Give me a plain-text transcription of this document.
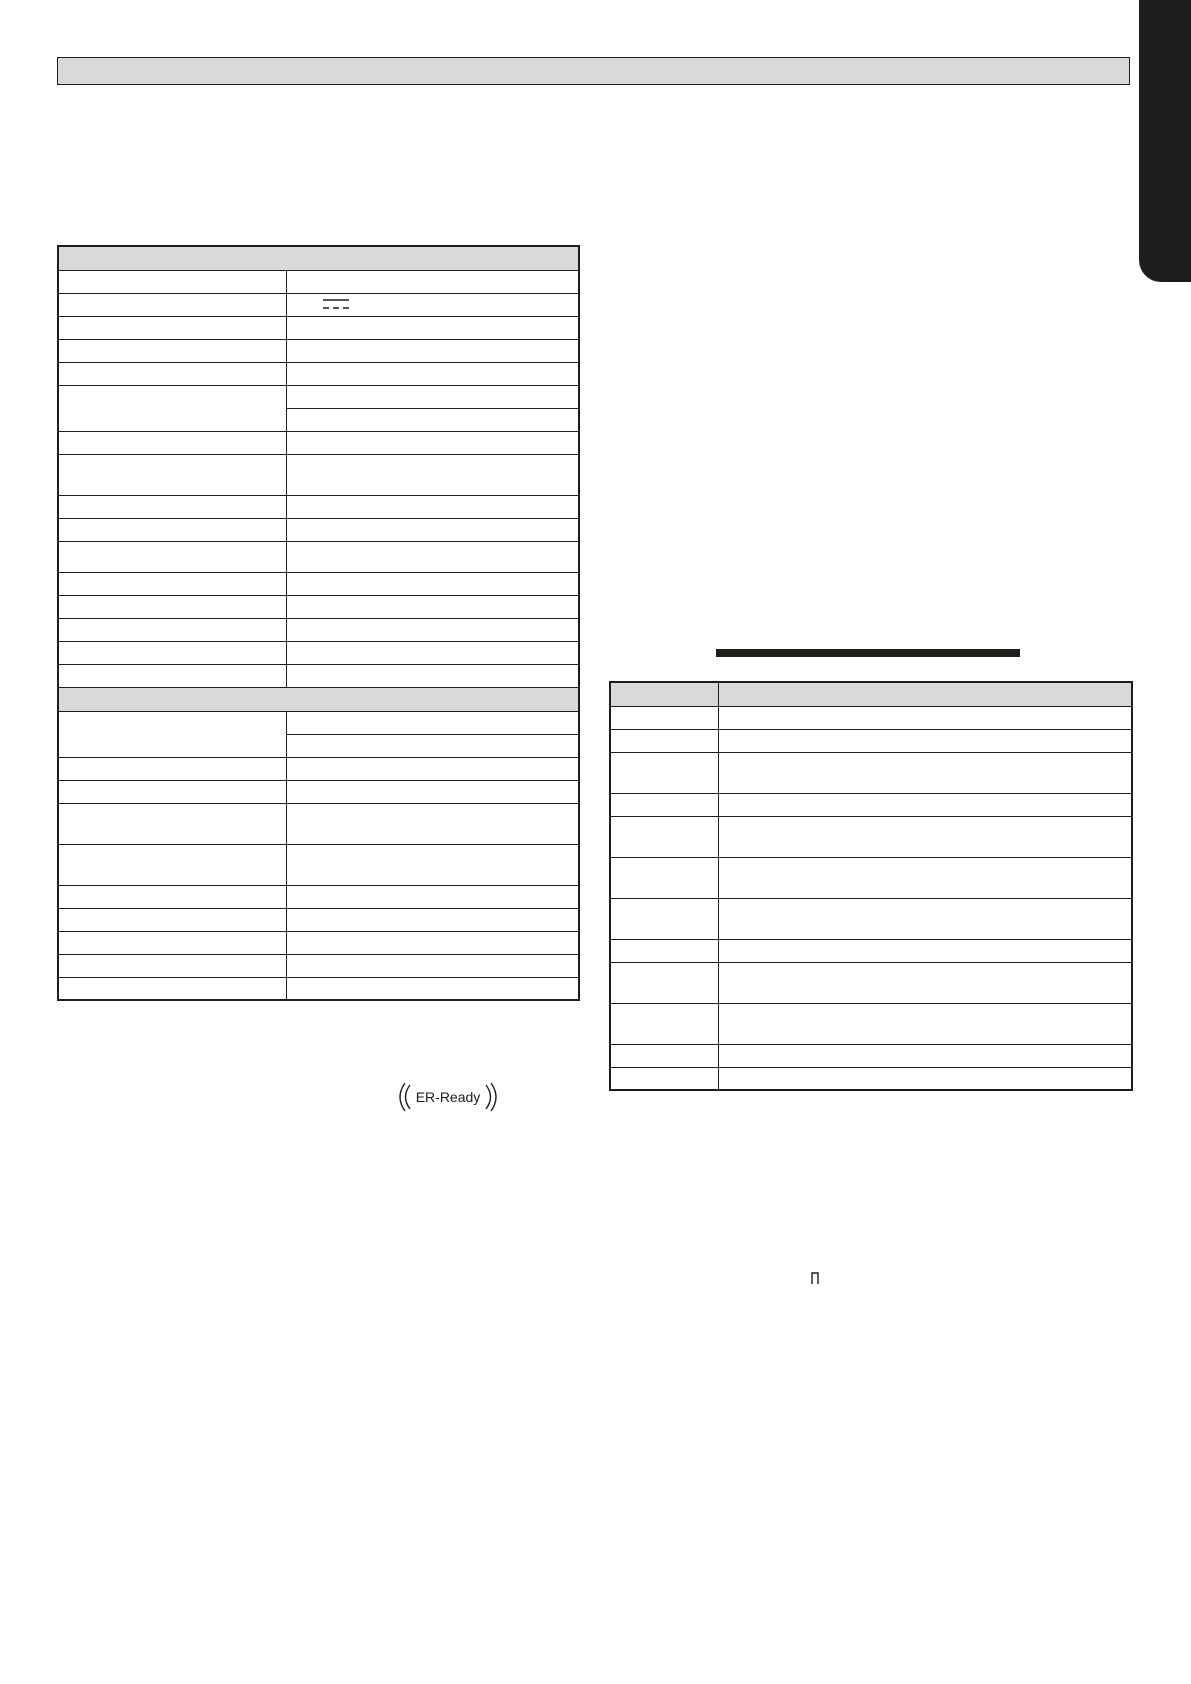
ER-Ready
